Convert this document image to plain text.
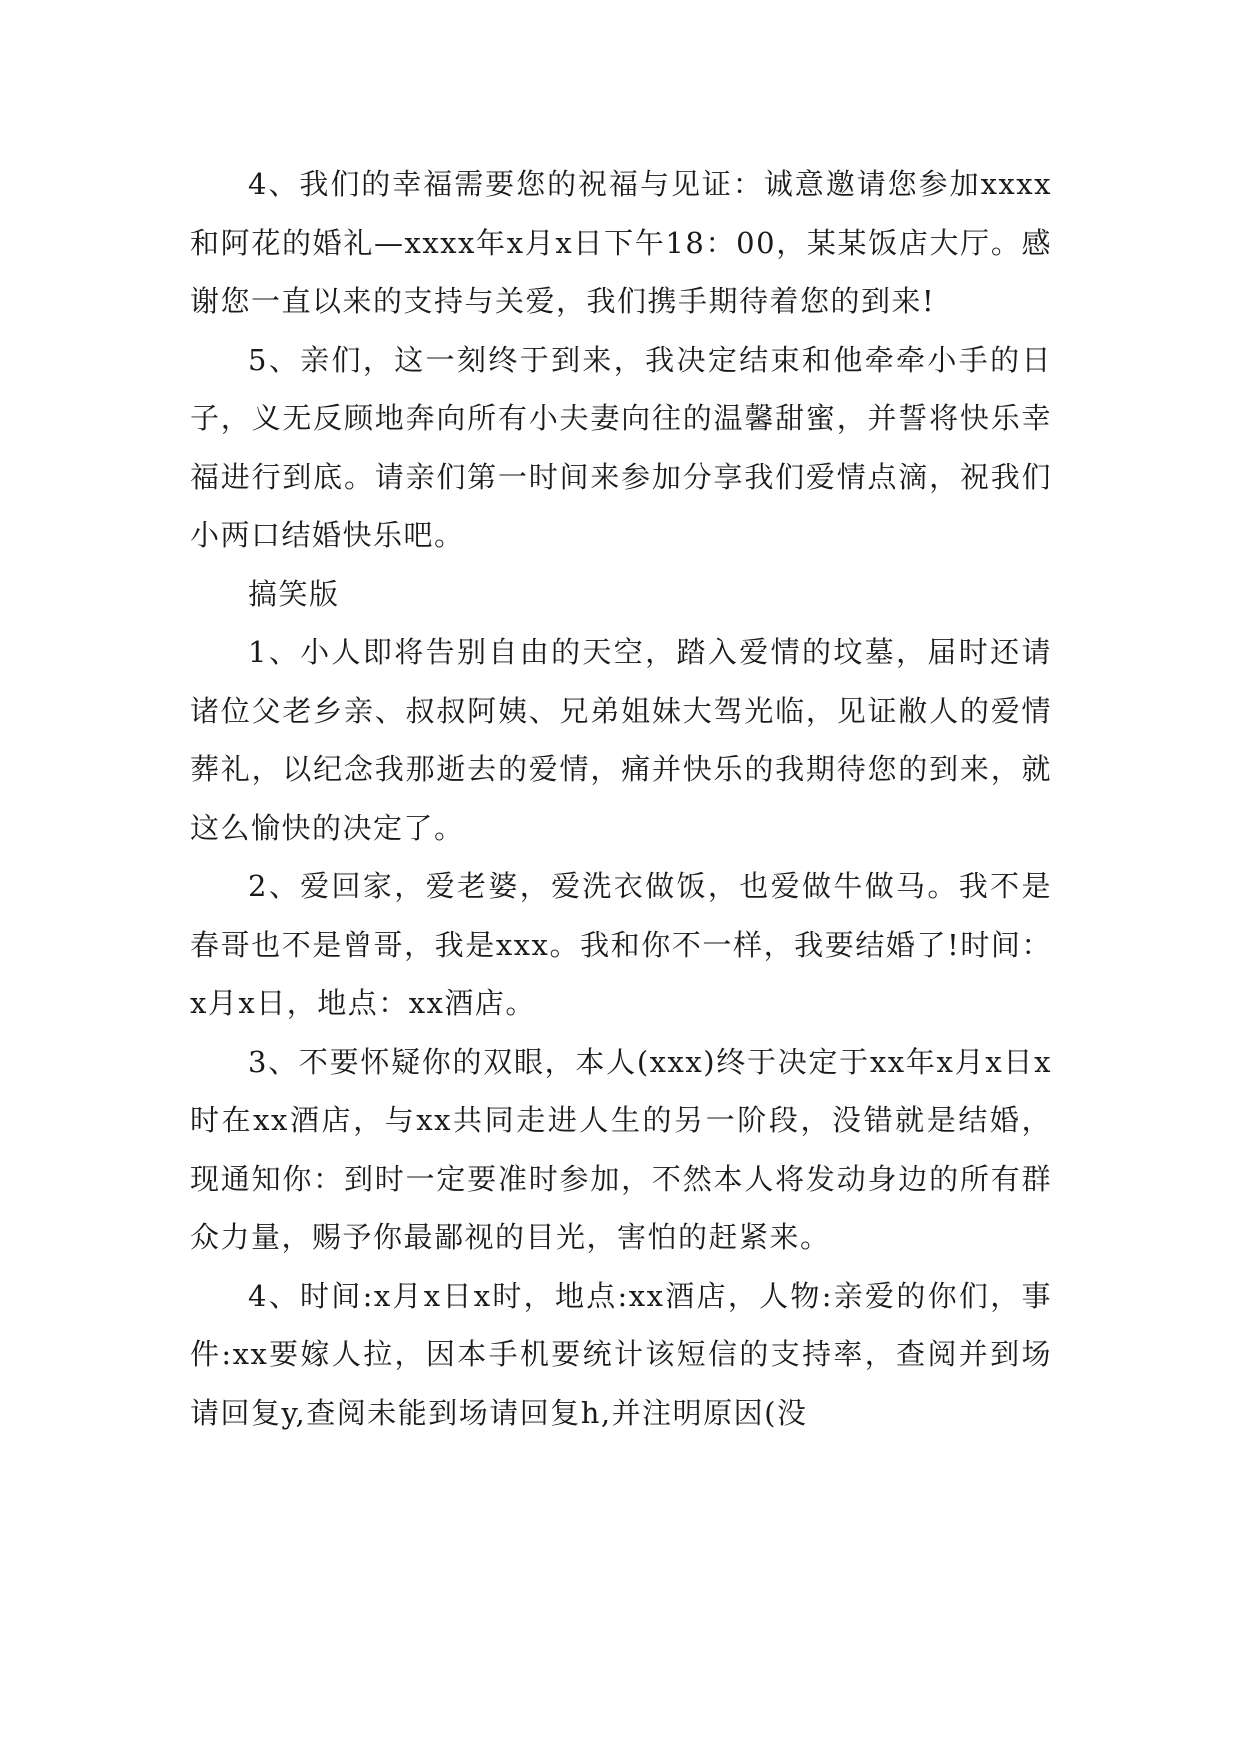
4、我们的幸福需要您的祝福与见证：诚意邀请您参加xxxx和阿花的婚礼—xxxx年x月x日下午18：00，某某饭店大厅。感谢您一直以来的支持与关爱，我们携手期待着您的到来!

5、亲们，这一刻终于到来，我决定结束和他牵牵小手的日子，义无反顾地奔向所有小夫妻向往的温馨甜蜜，并誓将快乐幸福进行到底。请亲们第一时间来参加分享我们爱情点滴，祝我们小两口结婚快乐吧。

搞笑版

1、小人即将告别自由的天空，踏入爱情的坟墓，届时还请诸位父老乡亲、叔叔阿姨、兄弟姐妹大驾光临，见证敝人的爱情葬礼，以纪念我那逝去的爱情，痛并快乐的我期待您的到来，就这么愉快的决定了。

2、爱回家，爱老婆，爱洗衣做饭，也爱做牛做马。我不是春哥也不是曾哥，我是xxx。我和你不一样，我要结婚了!时间：x月x日，地点：xx酒店。

3、不要怀疑你的双眼，本人(xxx)终于决定于xx年x月x日x时在xx酒店，与xx共同走进人生的另一阶段，没错就是结婚，现通知你：到时一定要准时参加，不然本人将发动身边的所有群众力量，赐予你最鄙视的目光，害怕的赶紧来。

4、时间:x月x日x时，地点:xx酒店，人物:亲爱的你们，事件:xx要嫁人拉，因本手机要统计该短信的支持率，查阅并到场请回复y,查阅未能到场请回复h,并注明原因(没
